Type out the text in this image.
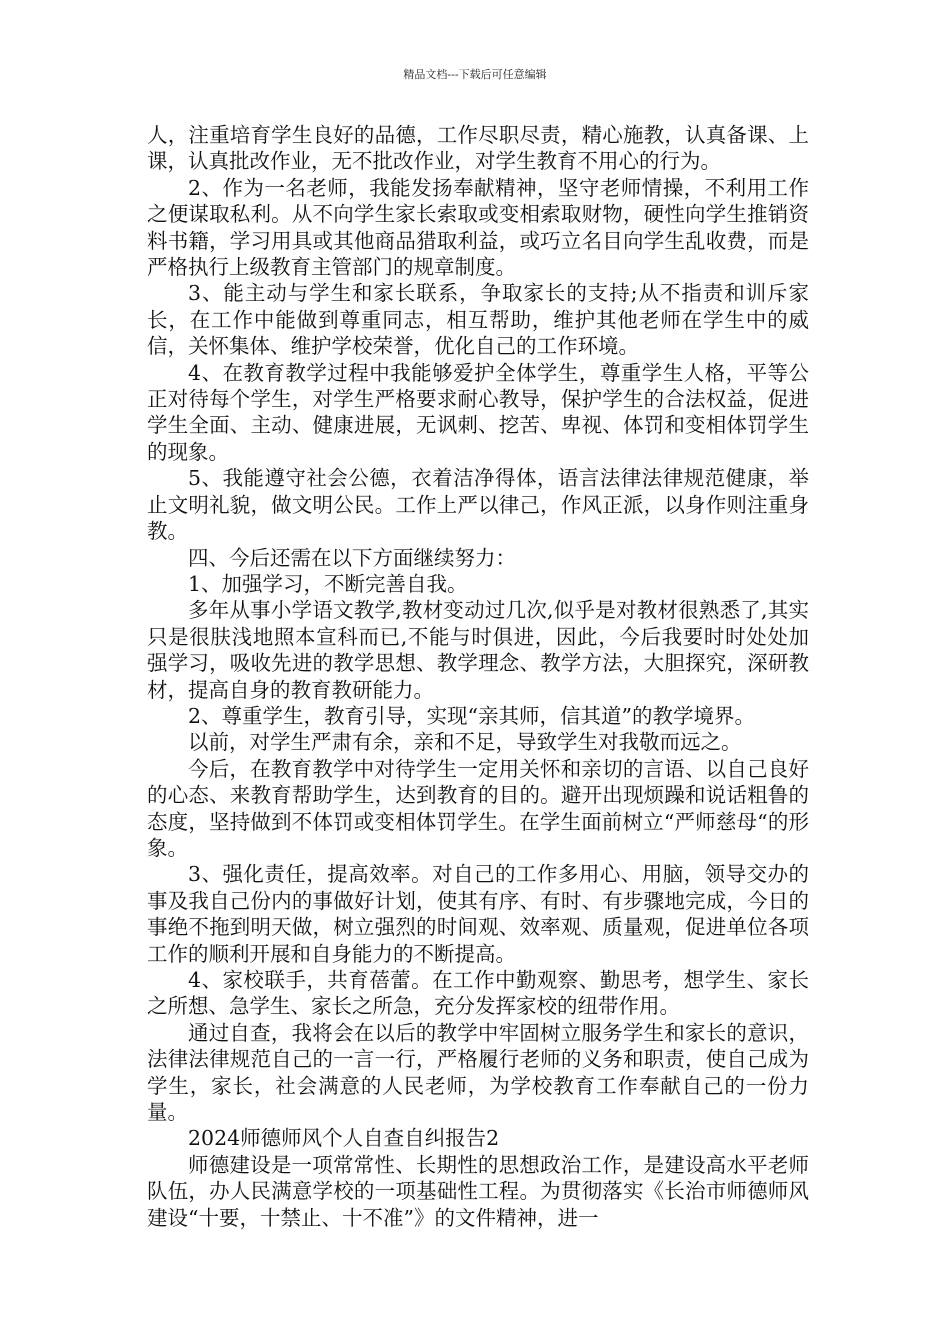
精品文档---下载后可任意编辑

人，注重培育学生良好的品德，工作尽职尽责，精心施教，认真备课、上课，认真批改作业，无不批改作业，对学生教育不用心的行为。

2、作为一名老师，我能发扬奉献精神，坚守老师情操，不利用工作之便谋取私利。从不向学生家长索取或变相索取财物，硬性向学生推销资料书籍，学习用具或其他商品猎取利益，或巧立名目向学生乱收费，而是严格执行上级教育主管部门的规章制度。

3、能主动与学生和家长联系，争取家长的支持;从不指责和训斥家长，在工作中能做到尊重同志，相互帮助，维护其他老师在学生中的威信，关怀集体、维护学校荣誉，优化自己的工作环境。

4、在教育教学过程中我能够爱护全体学生，尊重学生人格，平等公正对待每个学生，对学生严格要求耐心教导，保护学生的合法权益，促进学生全面、主动、健康进展，无讽刺、挖苦、卑视、体罚和变相体罚学生的现象。

5、我能遵守社会公德，衣着洁净得体，语言法律法律规范健康，举止文明礼貌，做文明公民。工作上严以律己，作风正派，以身作则注重身教。

四、今后还需在以下方面继续努力：

1、加强学习，不断完善自我。

多年从事小学语文教学,教材变动过几次,似乎是对教材很熟悉了,其实只是很肤浅地照本宣科而已,不能与时俱进，因此，今后我要时时处处加强学习，吸收先进的教学思想、教学理念、教学方法，大胆探究，深研教材，提高自身的教育教研能力。

2、尊重学生，教育引导，实现“亲其师，信其道”的教学境界。

以前，对学生严肃有余，亲和不足，导致学生对我敬而远之。

今后，在教育教学中对待学生一定用关怀和亲切的言语、以自己良好的心态、来教育帮助学生，达到教育的目的。避开出现烦躁和说话粗鲁的态度，坚持做到不体罚或变相体罚学生。在学生面前树立“严师慈母“的形象。

3、强化责任，提高效率。对自己的工作多用心、用脑，领导交办的事及我自己份内的事做好计划，使其有序、有时、有步骤地完成，今日的事绝不拖到明天做，树立强烈的时间观、效率观、质量观，促进单位各项工作的顺利开展和自身能力的不断提高。

4、家校联手，共育蓓蕾。在工作中勤观察、勤思考，想学生、家长之所想、急学生、家长之所急，充分发挥家校的纽带作用。

通过自查，我将会在以后的教学中牢固树立服务学生和家长的意识，法律法律规范自己的一言一行，严格履行老师的义务和职责，使自己成为学生，家长，社会满意的人民老师，为学校教育工作奉献自己的一份力量。

2024师德师风个人自查自纠报告2

师德建设是一项常常性、长期性的思想政治工作，是建设高水平老师队伍，办人民满意学校的一项基础性工程。为贯彻落实《长治市师德师风建设“十要，十禁止、十不准”》的文件精神，进一
